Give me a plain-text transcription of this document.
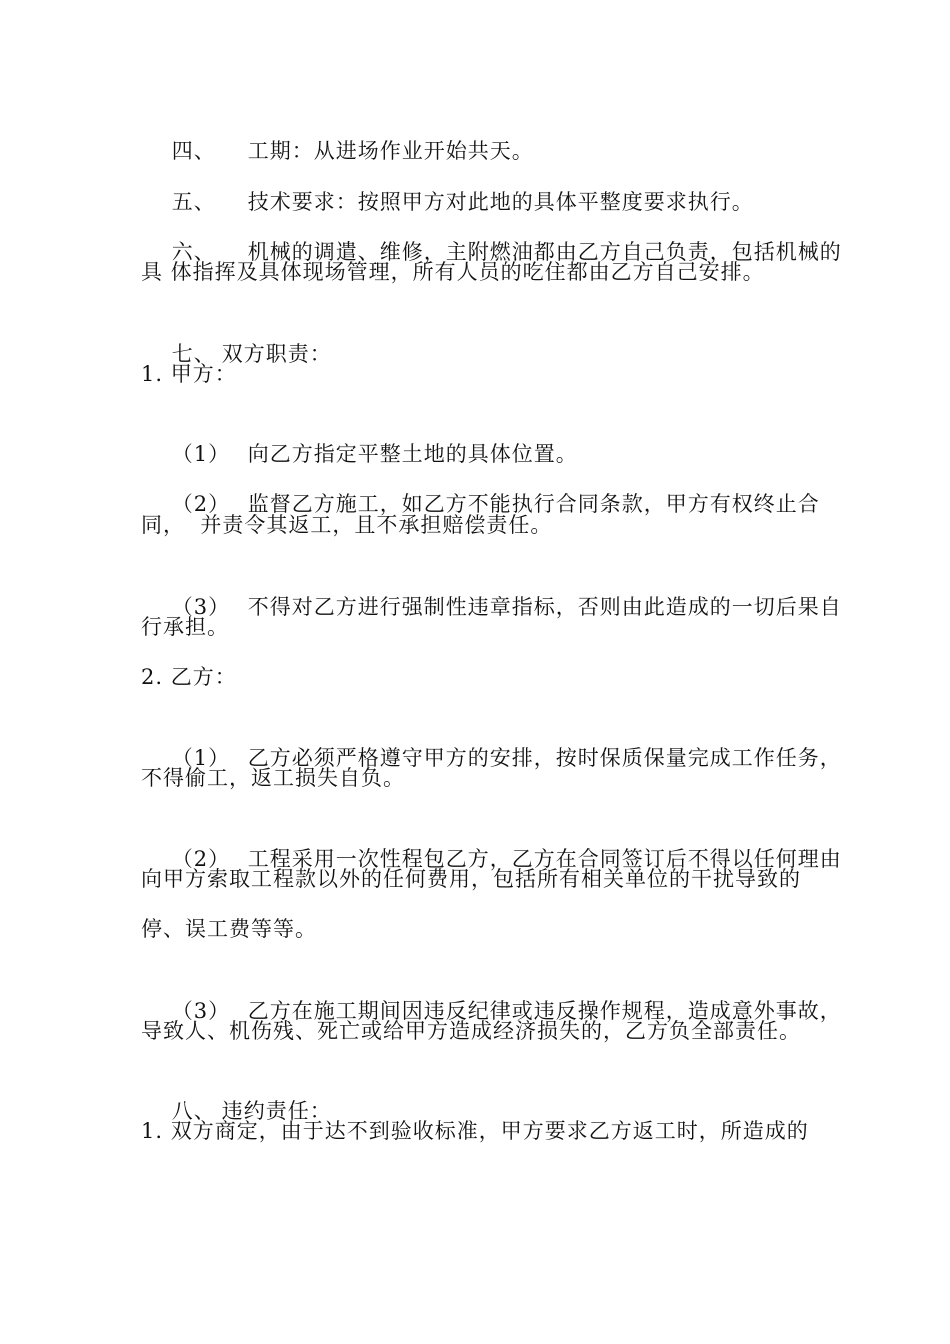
四、 工期：从进场作业开始共天。

五、 技术要求：按照甲方对此地的具体平整度要求执行。

六、 机械的调遣、维修，主附燃油都由乙方自己负责，包括机械的

具 体指挥及具体现场管理，所有人员的吃住都由乙方自己安排。

七、 双方职责：

1. 甲方：

（1） 向乙方指定平整土地的具体位置。

（2） 监督乙方施工，如乙方不能执行合同条款，甲方有权终止合

同，  并责令其返工，且不承担赔偿责任。

（3） 不得对乙方进行强制性违章指标，否则由此造成的一切后果自

行承担。
2. 乙方：

（1） 乙方必须严格遵守甲方的安排，按时保质保量完成工作任务，

不得偷工，返工损失自负。

（2） 工程采用一次性程包乙方，乙方在合同签订后不得以任何理由

向甲方索取工程款以外的任何费用，包括所有相关单位的干扰导致的
停、误工费等等。

（3） 乙方在施工期间因违反纪律或违反操作规程，造成意外事故，

导致人、机伤残、死亡或给甲方造成经济损失的，乙方负全部责任。

八、 违约责任：

1. 双方商定，由于达不到验收标准，甲方要求乙方返工时，所造成的
